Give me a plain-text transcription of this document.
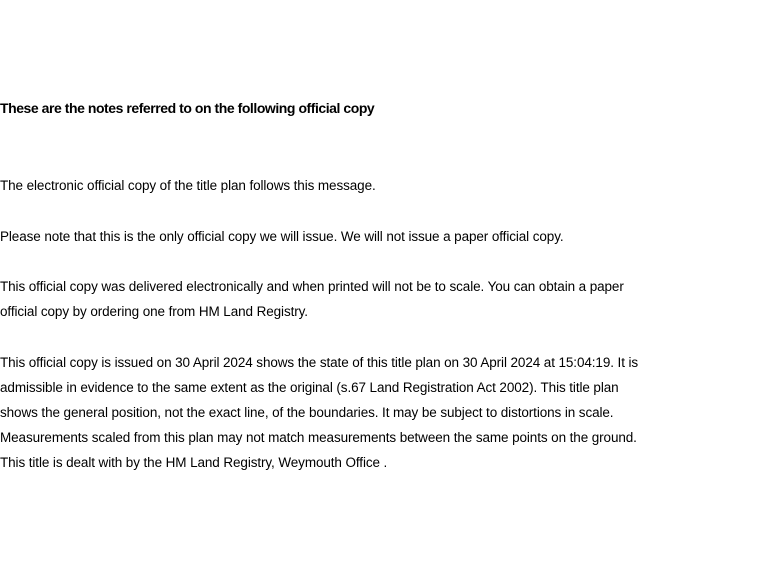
These are the notes referred to on the following official copy
The electronic official copy of the title plan follows this message.
Please note that this is the only official copy we will issue. We will not issue a paper official copy.
This official copy was delivered electronically and when printed will not be to scale. You can obtain a paper
official copy by ordering one from HM Land Registry.
This official copy is issued on 30 April 2024 shows the state of this title plan on 30 April 2024 at 15:04:19. It is
admissible in evidence to the same extent as the original (s.67 Land Registration Act 2002). This title plan
shows the general position, not the exact line, of the boundaries. It may be subject to distortions in scale.
Measurements scaled from this plan may not match measurements between the same points on the ground.
This title is dealt with by the HM Land Registry, Weymouth Office .
